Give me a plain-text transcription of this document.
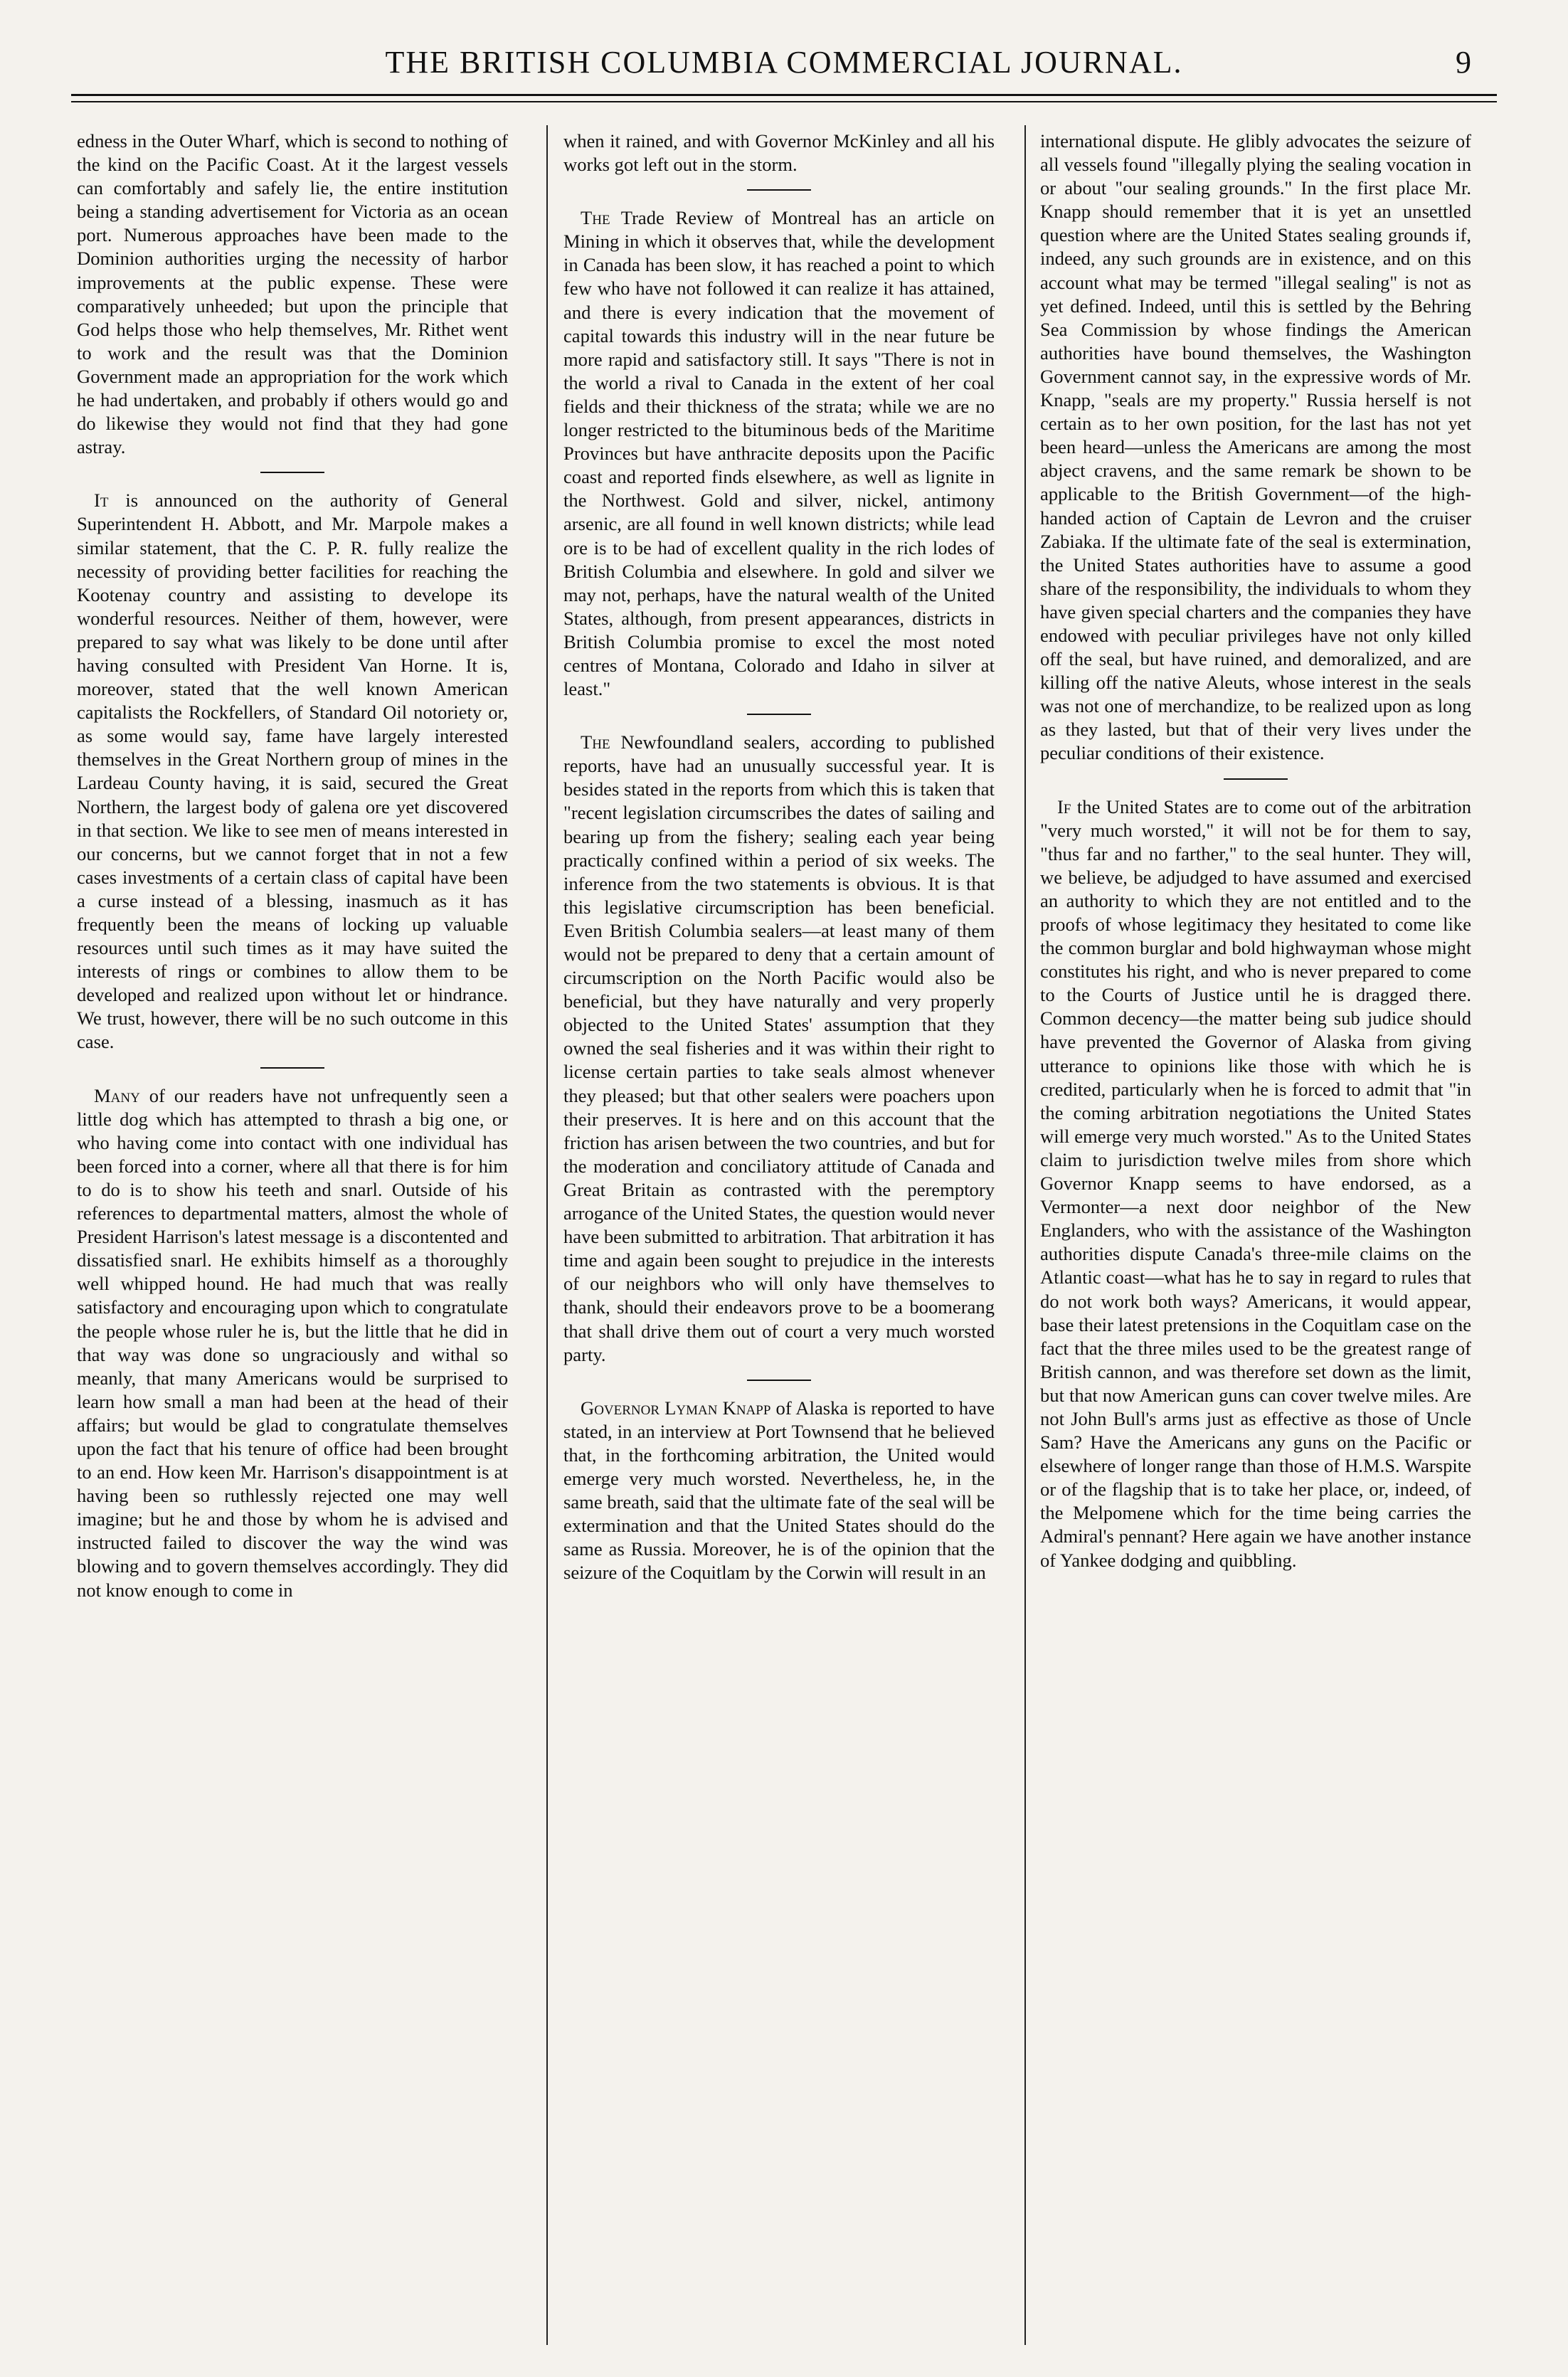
THE BRITISH COLUMBIA COMMERCIAL JOURNAL.	9

edness in the Outer Wharf, which is second to nothing of the kind on the Pacific Coast. At it the largest vessels can comfortably and safely lie, the entire institution being a standing advertisement for Victoria as an ocean port. Numerous approaches have been made to the Dominion authorities urging the necessity of harbor improvements at the public expense. These were comparatively unheeded; but upon the principle that God helps those who help themselves, Mr. Rithet went to work and the result was that the Dominion Government made an appropriation for the work which he had undertaken, and probably if others would go and do likewise they would not find that they had gone astray.

It is announced on the authority of General Superintendent H. Abbott, and Mr. Marpole makes a similar statement, that the C. P. R. fully realize the necessity of providing better facilities for reaching the Kootenay country and assisting to develope its wonderful resources. Neither of them, however, were prepared to say what was likely to be done until after having consulted with President Van Horne. It is, moreover, stated that the well known American capitalists the Rockfellers, of Standard Oil notoriety or, as some would say, fame have largely interested themselves in the Great Northern group of mines in the Lardeau County having, it is said, secured the Great Northern, the largest body of galena ore yet discovered in that section. We like to see men of means interested in our concerns, but we cannot forget that in not a few cases investments of a certain class of capital have been a curse instead of a blessing, inasmuch as it has frequently been the means of locking up valuable resources until such times as it may have suited the interests of rings or combines to allow them to be developed and realized upon without let or hindrance. We trust, however, there will be no such outcome in this case.

Many of our readers have not unfrequently seen a little dog which has attempted to thrash a big one, or who having come into contact with one individual has been forced into a corner, where all that there is for him to do is to show his teeth and snarl. Outside of his references to departmental matters, almost the whole of President Harrison's latest message is a discontented and dissatisfied snarl. He exhibits himself as a thoroughly well whipped hound. He had much that was really satisfactory and encouraging upon which to congratulate the people whose ruler he is, but the little that he did in that way was done so ungraciously and withal so meanly, that many Americans would be surprised to learn how small a man had been at the head of their affairs; but would be glad to congratulate themselves upon the fact that his tenure of office had been brought to an end. How keen Mr. Harrison's disappointment is at having been so ruthlessly rejected one may well imagine; but he and those by whom he is advised and instructed failed to discover the way the wind was blowing and to govern themselves accordingly. They did not know enough to come in

when it rained, and with Governor McKinley and all his works got left out in the storm.

The Trade Review of Montreal has an article on Mining in which it observes that, while the development in Canada has been slow, it has reached a point to which few who have not followed it can realize it has attained, and there is every indication that the movement of capital towards this industry will in the near future be more rapid and satisfactory still. It says "There is not in the world a rival to Canada in the extent of her coal fields and their thickness of the strata; while we are no longer restricted to the bituminous beds of the Maritime Provinces but have anthracite deposits upon the Pacific coast and reported finds elsewhere, as well as lignite in the Northwest. Gold and silver, nickel, antimony arsenic, are all found in well known districts; while lead ore is to be had of excellent quality in the rich lodes of British Columbia and elsewhere. In gold and silver we may not, perhaps, have the natural wealth of the United States, although, from present appearances, districts in British Columbia promise to excel the most noted centres of Montana, Colorado and Idaho in silver at least."

The Newfoundland sealers, according to published reports, have had an unusually successful year. It is besides stated in the reports from which this is taken that "recent legislation circumscribes the dates of sailing and bearing up from the fishery; sealing each year being practically confined within a period of six weeks. The inference from the two statements is obvious. It is that this legislative circumscription has been beneficial. Even British Columbia sealers—at least many of them would not be prepared to deny that a certain amount of circumscription on the North Pacific would also be beneficial, but they have naturally and very properly objected to the United States' assumption that they owned the seal fisheries and it was within their right to license certain parties to take seals almost whenever they pleased; but that other sealers were poachers upon their preserves. It is here and on this account that the friction has arisen between the two countries, and but for the moderation and conciliatory attitude of Canada and Great Britain as contrasted with the peremptory arrogance of the United States, the question would never have been submitted to arbitration. That arbitration it has time and again been sought to prejudice in the interests of our neighbors who will only have themselves to thank, should their endeavors prove to be a boomerang that shall drive them out of court a very much worsted party.

Governor Lyman Knapp of Alaska is reported to have stated, in an interview at Port Townsend that he believed that, in the forthcoming arbitration, the United would emerge very much worsted. Nevertheless, he, in the same breath, said that the ultimate fate of the seal will be extermination and that the United States should do the same as Russia. Moreover, he is of the opinion that the seizure of the Coquitlam by the Corwin will result in an

international dispute. He glibly advocates the seizure of all vessels found "illegally plying the sealing vocation in or about "our sealing grounds." In the first place Mr. Knapp should remember that it is yet an unsettled question where are the United States sealing grounds if, indeed, any such grounds are in existence, and on this account what may be termed "illegal sealing" is not as yet defined. Indeed, until this is settled by the Behring Sea Commission by whose findings the American authorities have bound themselves, the Washington Government cannot say, in the expressive words of Mr. Knapp, "seals are my property." Russia herself is not certain as to her own position, for the last has not yet been heard—unless the Americans are among the most abject cravens, and the same remark be shown to be applicable to the British Government—of the high-handed action of Captain de Levron and the cruiser Zabiaka. If the ultimate fate of the seal is extermination, the United States authorities have to assume a good share of the responsibility, the individuals to whom they have given special charters and the companies they have endowed with peculiar privileges have not only killed off the seal, but have ruined, and demoralized, and are killing off the native Aleuts, whose interest in the seals was not one of merchandize, to be realized upon as long as they lasted, but that of their very lives under the peculiar conditions of their existence.

If the United States are to come out of the arbitration "very much worsted," it will not be for them to say, "thus far and no farther," to the seal hunter. They will, we believe, be adjudged to have assumed and exercised an authority to which they are not entitled and to the proofs of whose legitimacy they hesitated to come like the common burglar and bold highwayman whose might constitutes his right, and who is never prepared to come to the Courts of Justice until he is dragged there. Common decency—the matter being sub judice should have prevented the Governor of Alaska from giving utterance to opinions like those with which he is credited, particularly when he is forced to admit that "in the coming arbitration negotiations the United States will emerge very much worsted." As to the United States claim to jurisdiction twelve miles from shore which Governor Knapp seems to have endorsed, as a Vermonter—a next door neighbor of the New Englanders, who with the assistance of the Washington authorities dispute Canada's three-mile claims on the Atlantic coast—what has he to say in regard to rules that do not work both ways? Americans, it would appear, base their latest pretensions in the Coquitlam case on the fact that the three miles used to be the greatest range of British cannon, and was therefore set down as the limit, but that now American guns can cover twelve miles. Are not John Bull's arms just as effective as those of Uncle Sam? Have the Americans any guns on the Pacific or elsewhere of longer range than those of H.M.S. Warspite or of the flagship that is to take her place, or, indeed, of the Melpomene which for the time being carries the Admiral's pennant? Here again we have another instance of Yankee dodging and quibbling.
